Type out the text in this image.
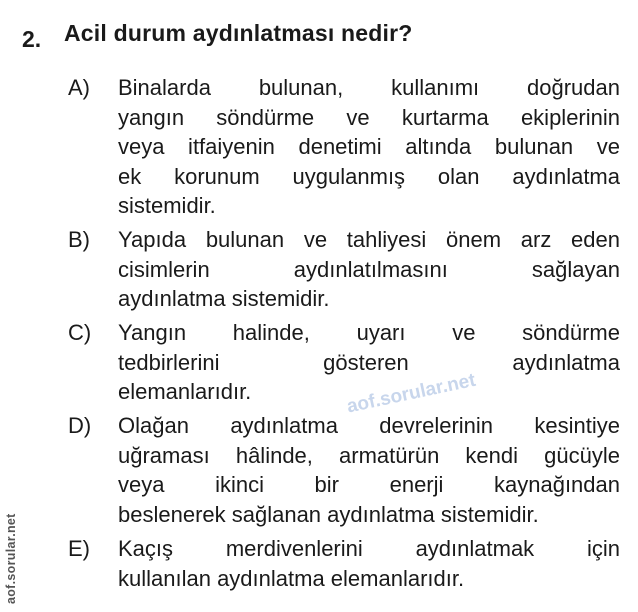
2. Acil durum aydınlatması nedir?
A) Binalarda bulunan, kullanımı doğrudan
yangın söndürme ve kurtarma ekiplerinin
veya itfaiyenin denetimi altında bulunan ve
ek korunum uygulanmış olan aydınlatma
sistemidir.
B) Yapıda bulunan ve tahliyesi önem arz eden
cisimlerin aydınlatılmasını sağlayan
aydınlatma sistemidir.
C) Yangın halinde, uyarı ve söndürme
tedbirlerini gösteren aydınlatma
elemanlarıdır.
D) Olağan aydınlatma devrelerinin kesintiye
uğraması hâlinde, armatürün kendi gücüyle
veya ikinci bir enerji kaynağından
beslenerek sağlanan aydınlatma sistemidir.
E) Kaçış merdivenlerini aydınlatmak için
kullanılan aydınlatma elemanlarıdır.
aof.sorular.net
aof.sorular.net
